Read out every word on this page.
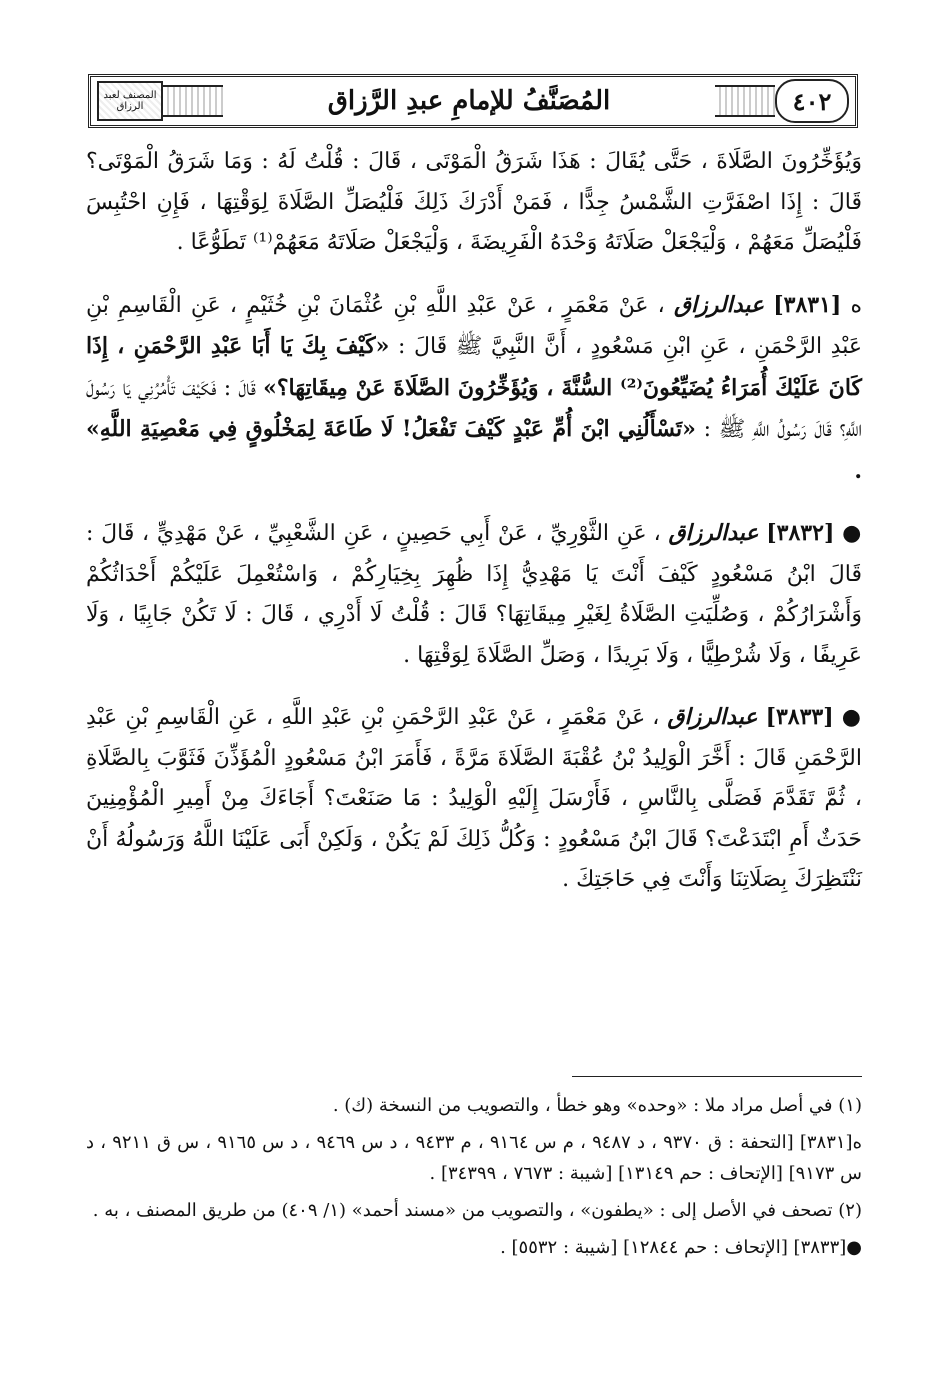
٤٠٢
المُصَنَّفُ للإمامِ عبدِ الرَّزاق
المصنف لعبد الرزاق

وَيُؤَخِّرُونَ الصَّلَاةَ ، حَتَّى يُقَالَ : هَذَا شَرَقُ الْمَوْتَى ، قَالَ : قُلْتُ لَهُ : وَمَا شَرَقُ الْمَوْتَى؟ قَالَ : إِذَا اصْفَرَّتِ الشَّمْسُ جِدًّا ، فَمَنْ أَدْرَكَ ذَلِكَ فَلْيُصَلِّ الصَّلَاةَ لِوَقْتِهَا ، فَإِنِ احْتُبِسَ فَلْيُصَلِّ مَعَهُمْ ، وَلْيَجْعَلْ صَلَاتَهُ وَحْدَهُ الْفَرِيضَةَ ، وَلْيَجْعَلْ صَلَاتَهُ مَعَهُمْ⁽¹⁾ تَطَوُّعًا .

ه [٣٨٣١] عبدالرزاق ، عَنْ مَعْمَرٍ ، عَنْ عَبْدِ اللَّهِ بْنِ عُثْمَانَ بْنِ خُثَيْمٍ ، عَنِ الْقَاسِمِ بْنِ عَبْدِ الرَّحْمَنِ ، عَنِ ابْنِ مَسْعُودٍ ، أَنَّ النَّبِيَّ ﷺ قَالَ : «كَيْفَ بِكَ يَا أَبَا عَبْدِ الرَّحْمَنِ ، إِذَا كَانَ عَلَيْكَ أُمَرَاءُ يُضَيِّعُونَ⁽²⁾ السُّنَّةَ ، وَيُؤَخِّرُونَ الصَّلَاةَ عَنْ مِيقَاتِهَا؟» قَالَ : فَكَيْفَ تَأْمُرُنِي يَا رَسُولَ اللَّهِ؟ قَالَ رَسُولُ اللَّهِ ﷺ : «تَسْأَلُنِي ابْنَ أُمِّ عَبْدٍ كَيْفَ تَفْعَلُ! لَا طَاعَةَ لِمَخْلُوقٍ فِي مَعْصِيَةِ اللَّهِ» .

● [٣٨٣٢] عبدالرزاق ، عَنِ الثَّوْرِيِّ ، عَنْ أَبِي حَصِينٍ ، عَنِ الشَّعْبِيِّ ، عَنْ مَهْدِيٍّ ، قَالَ : قَالَ ابْنُ مَسْعُودٍ كَيْفَ أَنْتَ يَا مَهْدِيُّ إِذَا ظُهِرَ بِخِيَارِكُمْ ، وَاسْتُعْمِلَ عَلَيْكُمْ أَحْدَاثُكُمْ وَأَشْرَارُكُمْ ، وَصُلِّيَتِ الصَّلَاةُ لِغَيْرِ مِيقَاتِهَا؟ قَالَ : قُلْتُ لَا أَدْرِي ، قَالَ : لَا تَكُنْ جَابِيًا ، وَلَا عَرِيفًا ، وَلَا شُرْطِيًّا ، وَلَا بَرِيدًا ، وَصَلِّ الصَّلَاةَ لِوَقْتِهَا .

● [٣٨٣٣] عبدالرزاق ، عَنْ مَعْمَرٍ ، عَنْ عَبْدِ الرَّحْمَنِ بْنِ عَبْدِ اللَّهِ ، عَنِ الْقَاسِمِ بْنِ عَبْدِ الرَّحْمَنِ قَالَ : أَخَّرَ الْوَلِيدُ بْنُ عُقْبَةَ الصَّلَاةَ مَرَّةً ، فَأَمَرَ ابْنُ مَسْعُودٍ الْمُؤَذِّنَ فَثَوَّبَ بِالصَّلَاةِ ، ثُمَّ تَقَدَّمَ فَصَلَّى بِالنَّاسِ ، فَأَرْسَلَ إِلَيْهِ الْوَلِيدُ : مَا صَنَعْتَ؟ أَجَاءَكَ مِنْ أَمِيرِ الْمُؤْمِنِينَ حَدَثٌ أَمِ ابْتَدَعْتَ؟ قَالَ ابْنُ مَسْعُودٍ : وَكُلُّ ذَلِكَ لَمْ يَكُنْ ، وَلَكِنْ أَبَى عَلَيْنَا اللَّهُ وَرَسُولُهُ أَنْ نَنْتَظِرَكَ بِصَلَاتِنَا وَأَنْتَ فِي حَاجَتِكَ .

(١) في أصل مراد ملا : «وحده» وهو خطأ ، والتصويب من النسخة (ك) .

ه[٣٨٣١] [التحفة : ق ٩٣٧٠ ، د ٩٤٨٧ ، م س ٩١٦٤ ، م ٩٤٣٣ ، د س ٩٤٦٩ ، د س ٩١٦٥ ، س ق ٩٢١١ ، د س ٩١٧٣] [الإتحاف : حم ١٣١٤٩] [شيبة : ٧٦٧٣ ، ٣٤٣٩٩] .

(٢) تصحف في الأصل إلى : «يطفون» ، والتصويب من «مسند أحمد» (١/ ٤٠٩) من طريق المصنف ، به .

●[٣٨٣٣] [الإتحاف : حم ١٢٨٤٤] [شيبة : ٥٥٣٢] .
